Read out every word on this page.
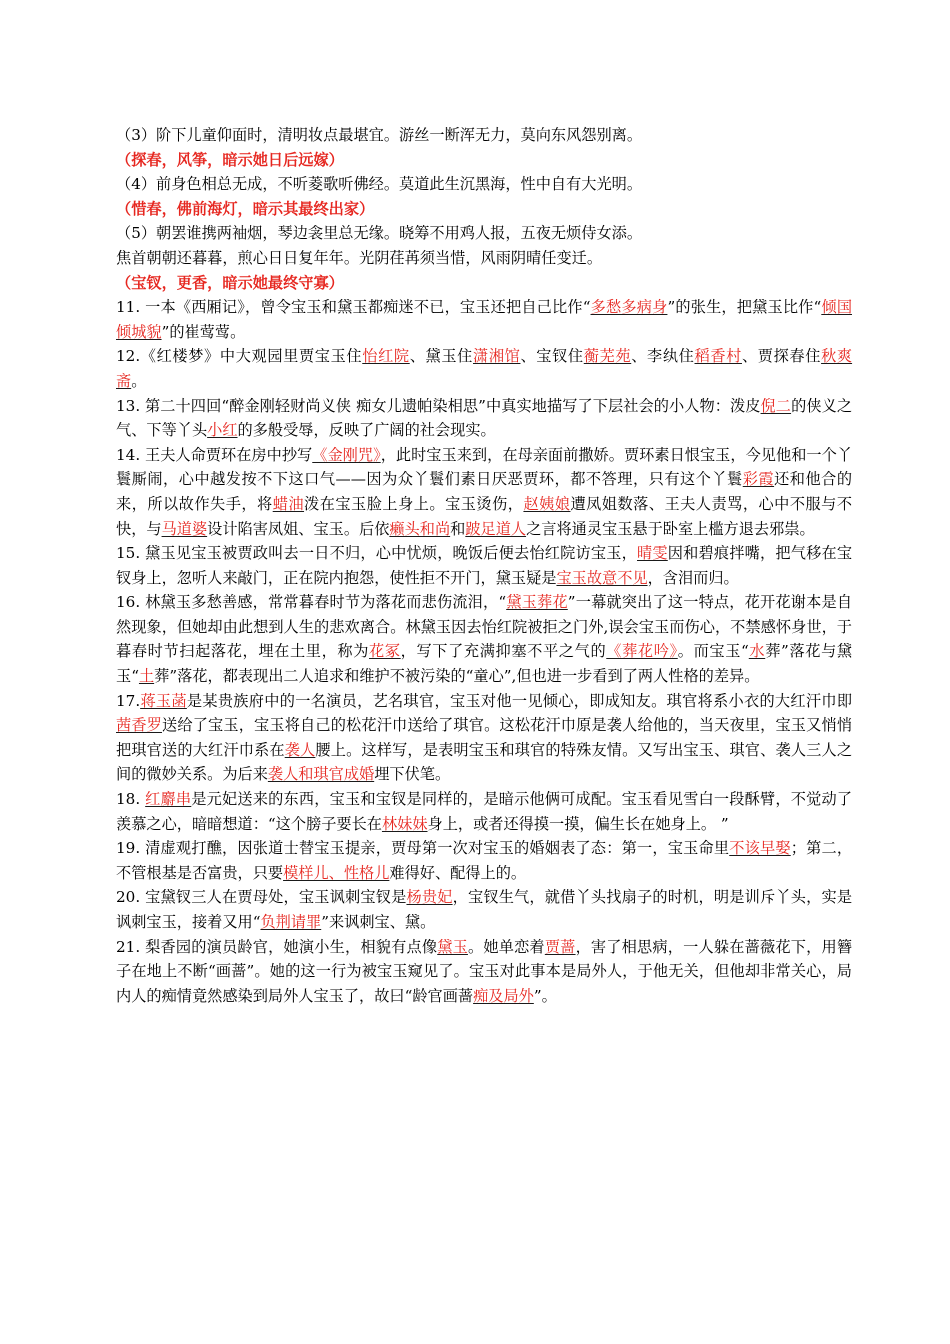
（3）阶下儿童仰面时，清明妆点最堪宜。游丝一断浑无力，莫向东风怨别离。

（探春，风筝，暗示她日后远嫁）

（4）前身色相总无成，不听菱歌听佛经。莫道此生沉黑海，性中自有大光明。

（惜春，佛前海灯，暗示其最终出家）

（5）朝罢谁携两袖烟，琴边衾里总无缘。晓筹不用鸡人报，五夜无烦侍女添。

焦首朝朝还暮暮，煎心日日复年年。光阴荏苒须当惜，风雨阴晴任变迁。

（宝钗，更香，暗示她最终守寡）

11. 一本《西厢记》，曾令宝玉和黛玉都痴迷不已，宝玉还把自己比作“多愁多病身”的张生，把黛玉比作“倾国倾城貌”的崔莺莺。

12.《红楼梦》中大观园里贾宝玉住怡红院、黛玉住潇湘馆、宝钗住蘅芜苑、李纨住稻香村、贾探春住秋爽斋。

13. 第二十四回“醉金刚轻财尚义侠 痴女儿遗帕染相思”中真实地描写了下层社会的小人物：泼皮倪二的侠义之气、下等丫头小红的多般受辱，反映了广阔的社会现实。

14. 王夫人命贾环在房中抄写《金刚咒》，此时宝玉来到，在母亲面前撒娇。贾环素日恨宝玉，今见他和一个丫鬟厮闹，心中越发按不下这口气——因为众丫鬟们素日厌恶贾环，都不答理，只有这个丫鬟彩霞还和他合的来，所以故作失手，将蜡油泼在宝玉脸上身上。宝玉烫伤，赵姨娘遭凤姐数落、王夫人责骂，心中不服与不快，与马道婆设计陷害凤姐、宝玉。后依癞头和尚和跛足道人之言将通灵宝玉悬于卧室上槛方退去邪祟。

15. 黛玉见宝玉被贾政叫去一日不归，心中忧烦，晚饭后便去怡红院访宝玉，晴雯因和碧痕拌嘴，把气移在宝钗身上，忽听人来敲门，正在院内抱怨，使性拒不开门，黛玉疑是宝玉故意不见，含泪而归。

16. 林黛玉多愁善感，常常暮春时节为落花而悲伤流泪，“黛玉葬花”一幕就突出了这一特点，花开花谢本是自然现象，但她却由此想到人生的悲欢离合。林黛玉因去怡红院被拒之门外,误会宝玉而伤心，不禁感怀身世，于暮春时节扫起落花，埋在土里，称为花冢，写下了充满抑塞不平之气的《葬花吟》。而宝玉“水葬”落花与黛玉“土葬”落花，都表现出二人追求和维护不被污染的“童心”,但也进一步看到了两人性格的差异。

17.蒋玉菡是某贵族府中的一名演员，艺名琪官，宝玉对他一见倾心，即成知友。琪官将系小衣的大红汗巾即茜香罗送给了宝玉，宝玉将自己的松花汗巾送给了琪官。这松花汗巾原是袭人给他的，当天夜里，宝玉又悄悄把琪官送的大红汗巾系在袭人腰上。这样写，是表明宝玉和琪官的特殊友情。又写出宝玉、琪官、袭人三人之间的微妙关系。为后来袭人和琪官成婚埋下伏笔。

18. 红麝串是元妃送来的东西，宝玉和宝钗是同样的，是暗示他俩可成配。宝玉看见雪白一段酥臂，不觉动了羡慕之心，暗暗想道：“这个膀子要长在林妹妹身上，或者还得摸一摸，偏生长在她身上。 ”

19. 清虚观打醮，因张道士替宝玉提亲，贾母第一次对宝玉的婚姻表了态：第一，宝玉命里不该早娶；第二，不管根基是否富贵，只要模样儿、性格儿难得好、配得上的。

20. 宝黛钗三人在贾母处，宝玉讽刺宝钗是杨贵妃，宝钗生气，就借丫头找扇子的时机，明是训斥丫头，实是讽刺宝玉，接着又用“负荆请罪”来讽刺宝、黛。

21. 梨香园的演员龄官，她演小生，相貌有点像黛玉。她单恋着贾蔷，害了相思病，一人躲在蔷薇花下，用簪子在地上不断“画蔷”。她的这一行为被宝玉窥见了。宝玉对此事本是局外人，于他无关，但他却非常关心，局内人的痴情竟然感染到局外人宝玉了，故曰“龄官画蔷痴及局外”。
